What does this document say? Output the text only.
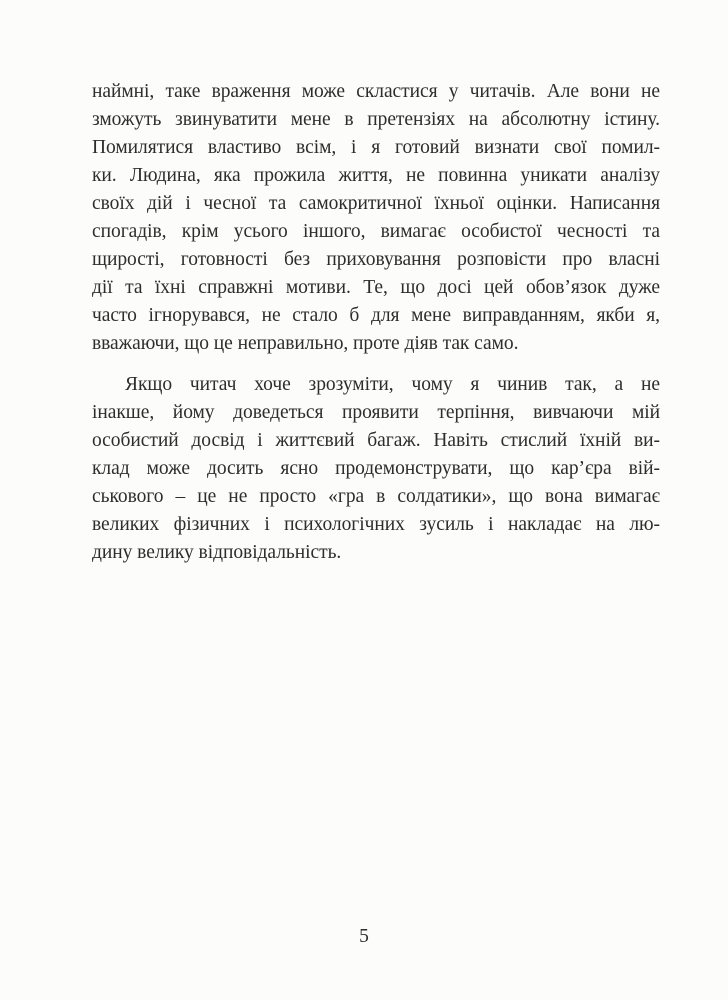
наймні, таке враження може скластися у читачів. Але вони не
зможуть звинуватити мене в претензіях на абсолютну істину.
Помилятися властиво всім, і я готовий визнати свої помил-
ки. Людина, яка прожила життя, не повинна уникати аналізу
своїх дій і чесної та самокритичної їхньої оцінки. Написання
спогадів, крім усього іншого, вимагає особистої чесності та
щирості, готовності без приховування розповісти про власні
дії та їхні справжні мотиви. Те, що досі цей обов’язок дуже
часто ігнорувався, не стало б для мене виправданням, якби я,
вважаючи, що це неправильно, проте діяв так само.
Якщо читач хоче зрозуміти, чому я чинив так, а не
інакше, йому доведеться проявити терпіння, вивчаючи мій
особистий досвід і життєвий багаж. Навіть стислий їхній ви-
клад може досить ясно продемонструвати, що кар’єра вій-
ськового – це не просто «гра в солдатики», що вона вимагає
великих фізичних і психологічних зусиль і накладає на лю-
дину велику відповідальність.
5
